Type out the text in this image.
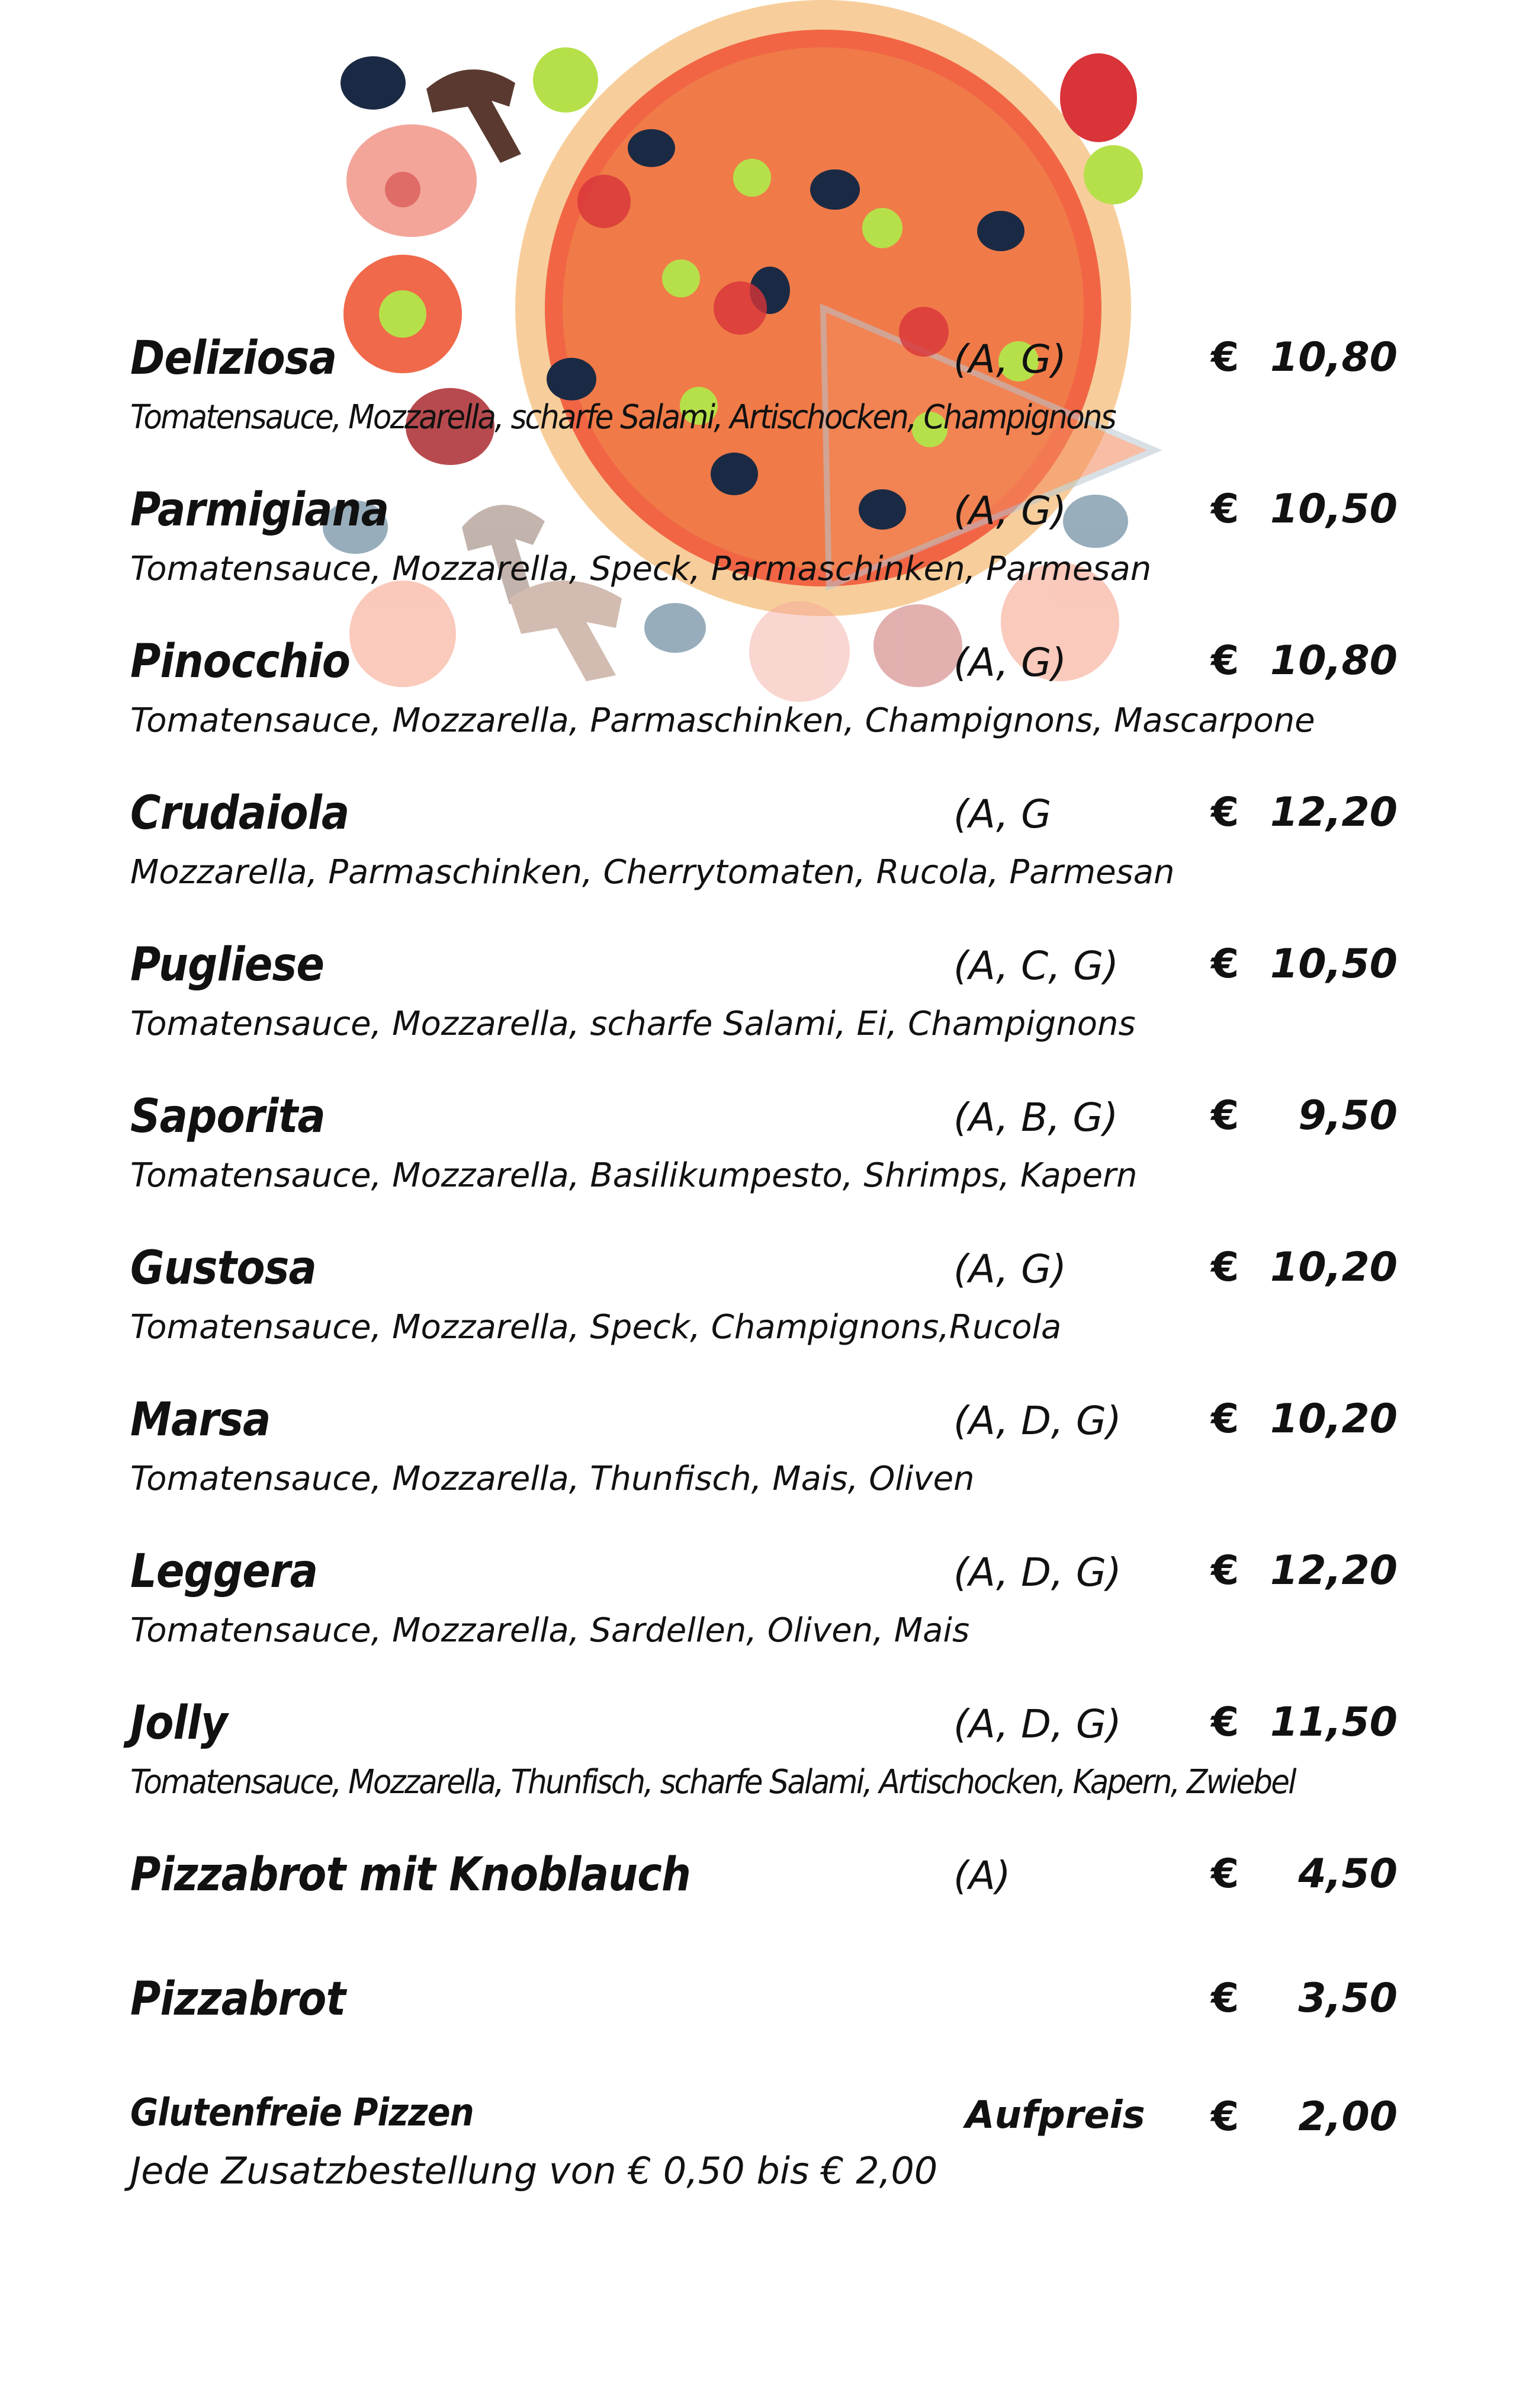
Deliziosa	(A, G)	€ 10,80
Tomatensauce, Mozzarella, scharfe Salami, Artischocken, Champignons
Parmigiana	(A, G)	€ 10,50
Tomatensauce, Mozzarella, Speck, Parmaschinken, Parmesan
Pinocchio	(A, G)	€ 10,80
Tomatensauce, Mozzarella, Parmaschinken, Champignons, Mascarpone
Crudaiola	(A, G	€ 12,20
Mozzarella, Parmaschinken, Cherrytomaten, Rucola, Parmesan
Pugliese	(A, C, G) € 10,50
Tomatensauce, Mozzarella, scharfe Salami, Ei, Champignons
Saporita	(A, B, G) € 9,50
Tomatensauce, Mozzarella, Basilikumpesto, Shrimps, Kapern
Gustosa	(A, G)	€ 10,20
Tomatensauce, Mozzarella, Speck, Champignons,Rucola
Marsa	(A, D, G) € 10,20
Tomatensauce, Mozzarella, Thunfisch, Mais, Oliven
Leggera	(A, D, G) € 12,20
Tomatensauce, Mozzarella, Sardellen, Oliven, Mais
Jolly	(A, D, G) € 11,50
Tomatensauce, Mozzarella, Thunfisch, scharfe Salami, Artischocken, Kapern, Zwiebel
Pizzabrot mit Knoblauch	(A)	€ 4,50
Pizzabrot	€ 3,50
Glutenfreie Pizzen	Aufpreis € 2,00
Jede Zusatzbestellung von € 0,50 bis € 2,00
